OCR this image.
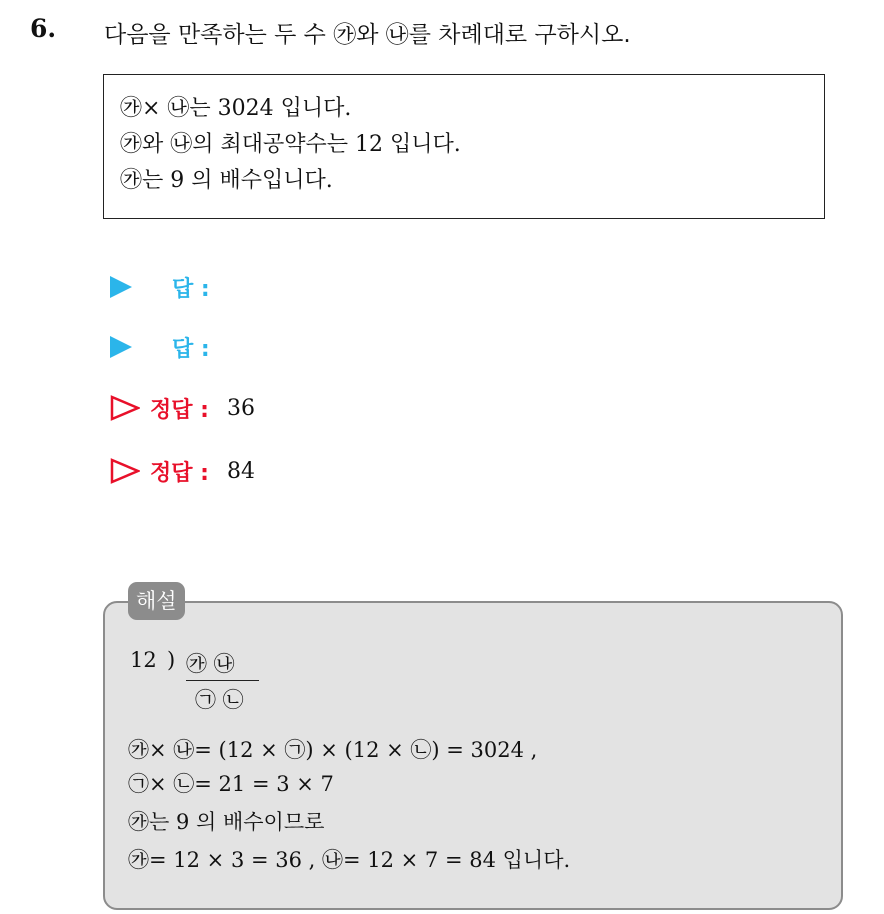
6. 다음을 만족하는 두 수 ㉮와 ㉯를 차례대로 구하시오.
㉮× ㉯는 3024 입니다.
㉮와 ㉯의 최대공약수는 12 입니다.
㉮는 9 의 배수입니다.
답 :
답 :
정답 : 36
정답 : 84
해설
12 ) ㉮ ㉯
㉠ ㉡
㉮× ㉯= (12 × ㉠) × (12 × ㉡) = 3024 ,
㉠× ㉡= 21 = 3 × 7
㉮는 9 의 배수이므로
㉮= 12 × 3 = 36 , ㉯= 12 × 7 = 84 입니다.
